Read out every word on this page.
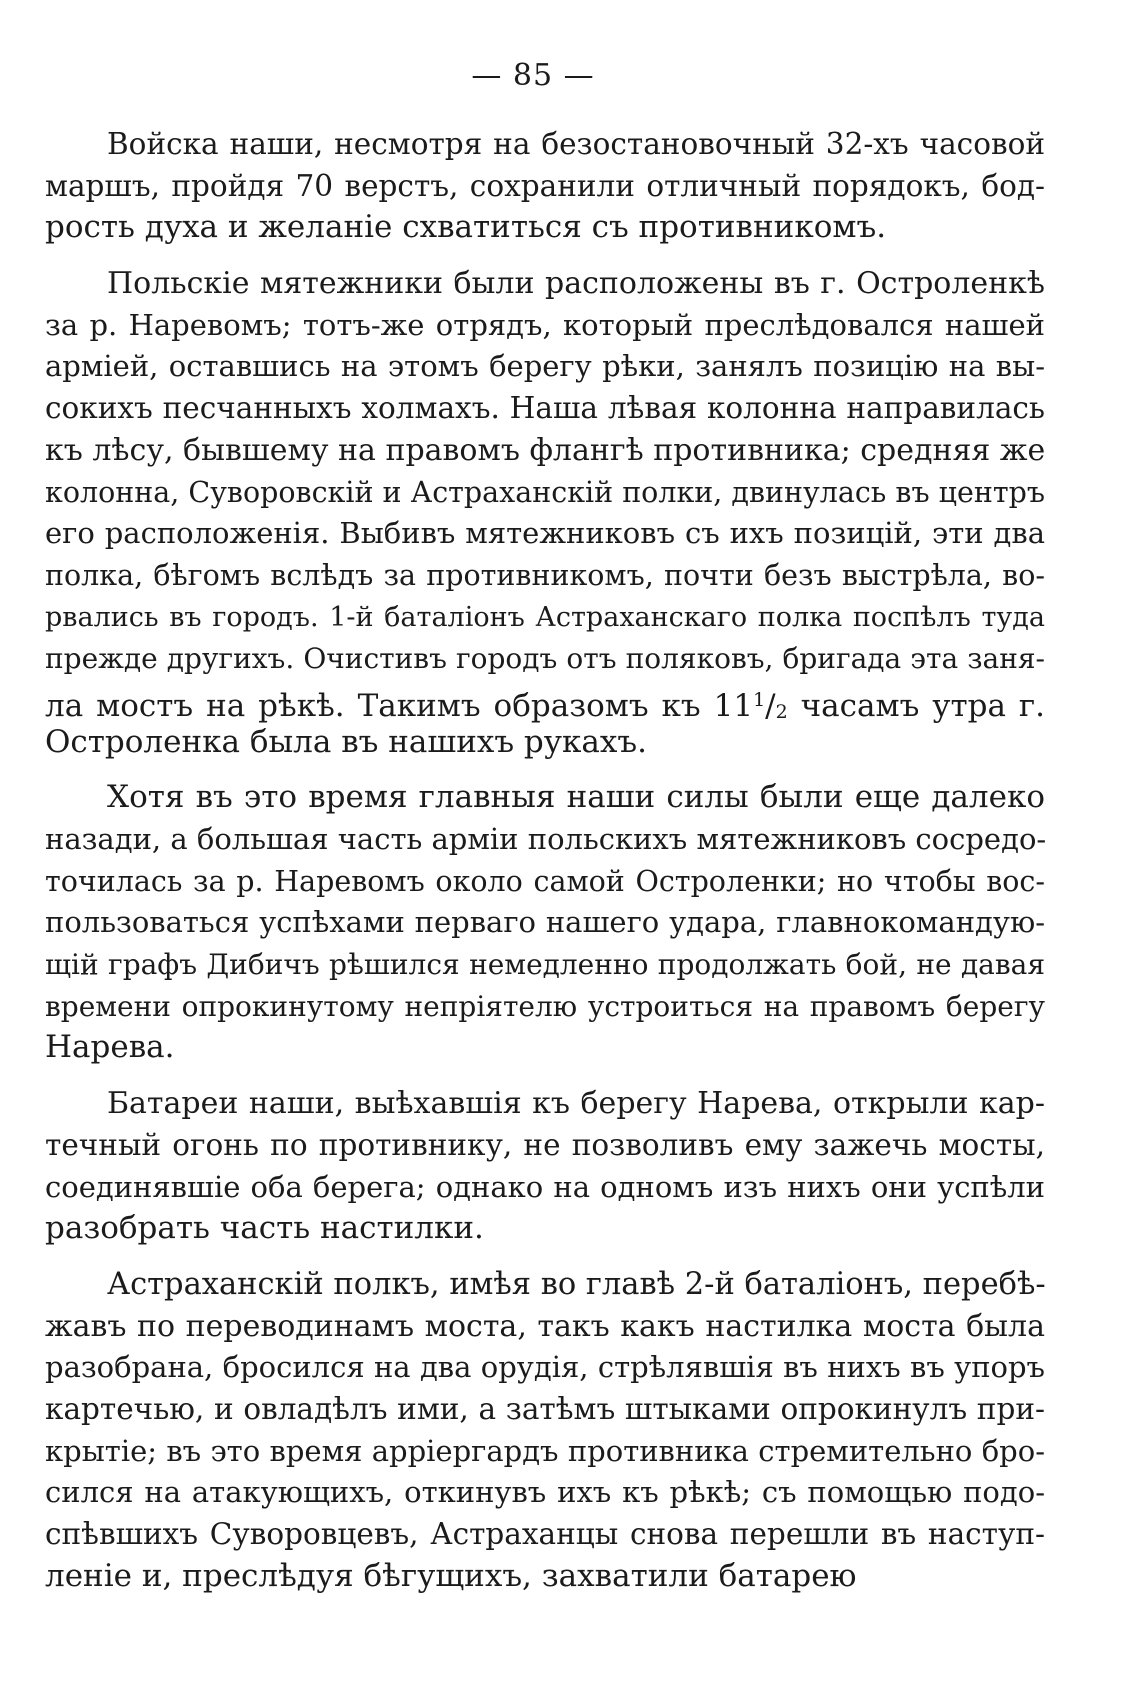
— 85 —
Войска наши, несмотря на безостановочный 32-хъ часовой
маршъ, пройдя 70 верстъ, сохранили отличный порядокъ, бод-
рость духа и желаніе схватиться съ противникомъ.
Польскіе мятежники были расположены въ г. Остроленкѣ
за р. Наревомъ; тотъ-же отрядъ, который преслѣдовался нашей
арміей, оставшись на этомъ берегу рѣки, занялъ позицію на вы-
сокихъ песчанныхъ холмахъ. Наша лѣвая колонна направилась
къ лѣсу, бывшему на правомъ флангѣ противника; средняя же
колонна, Суворовскій и Астраханскій полки, двинулась въ центръ
его расположенія. Выбивъ мятежниковъ съ ихъ позицій, эти два
полка, бѣгомъ вслѣдъ за противникомъ, почти безъ выстрѣла, во-
рвались въ городъ. 1-й баталіонъ Астраханскаго полка поспѣлъ туда
прежде другихъ. Очистивъ городъ отъ поляковъ, бригада эта заня-
ла мостъ на рѣкѣ. Такимъ образомъ къ $11^1/2$ часамъ утра г.
Остроленка была въ нашихъ рукахъ.
Хотя въ это время главныя наши силы были еще далеко
назади, а большая часть арміи польскихъ мятежниковъ сосредо-
точилась за р. Наревомъ около самой Остроленки; но чтобы вос-
пользоваться успѣхами перваго нашего удара, главнокомандую-
щій графъ Дибичъ рѣшился немедленно продолжать бой, не давая
времени опрокинутому непріятелю устроиться на правомъ берегу
Нарева.
Батареи наши, выѣхавшія къ берегу Нарева, открыли кар-
течный огонь по противнику, не позволивъ ему зажечь мосты,
соединявшіе оба берега; однако на одномъ изъ нихъ они успѣли
разобрать часть настилки.
Астраханскій полкъ, имѣя во главѣ 2-й баталіонъ, перебѣ-
жавъ по переводинамъ моста, такъ какъ настилка моста была
разобрана, бросился на два орудія, стрѣлявшія въ нихъ въ упоръ
картечью, и овладѣлъ ими, а затѣмъ штыками опрокинулъ при-
крытіе; въ это время арріергардъ противника стремительно бро-
сился на атакующихъ, откинувъ ихъ къ рѣкѣ; съ помощью подо-
спѣвшихъ Суворовцевъ, Астраханцы снова перешли въ наступ-
леніе и, преслѣдуя бѣгущихъ, захватили батарею
